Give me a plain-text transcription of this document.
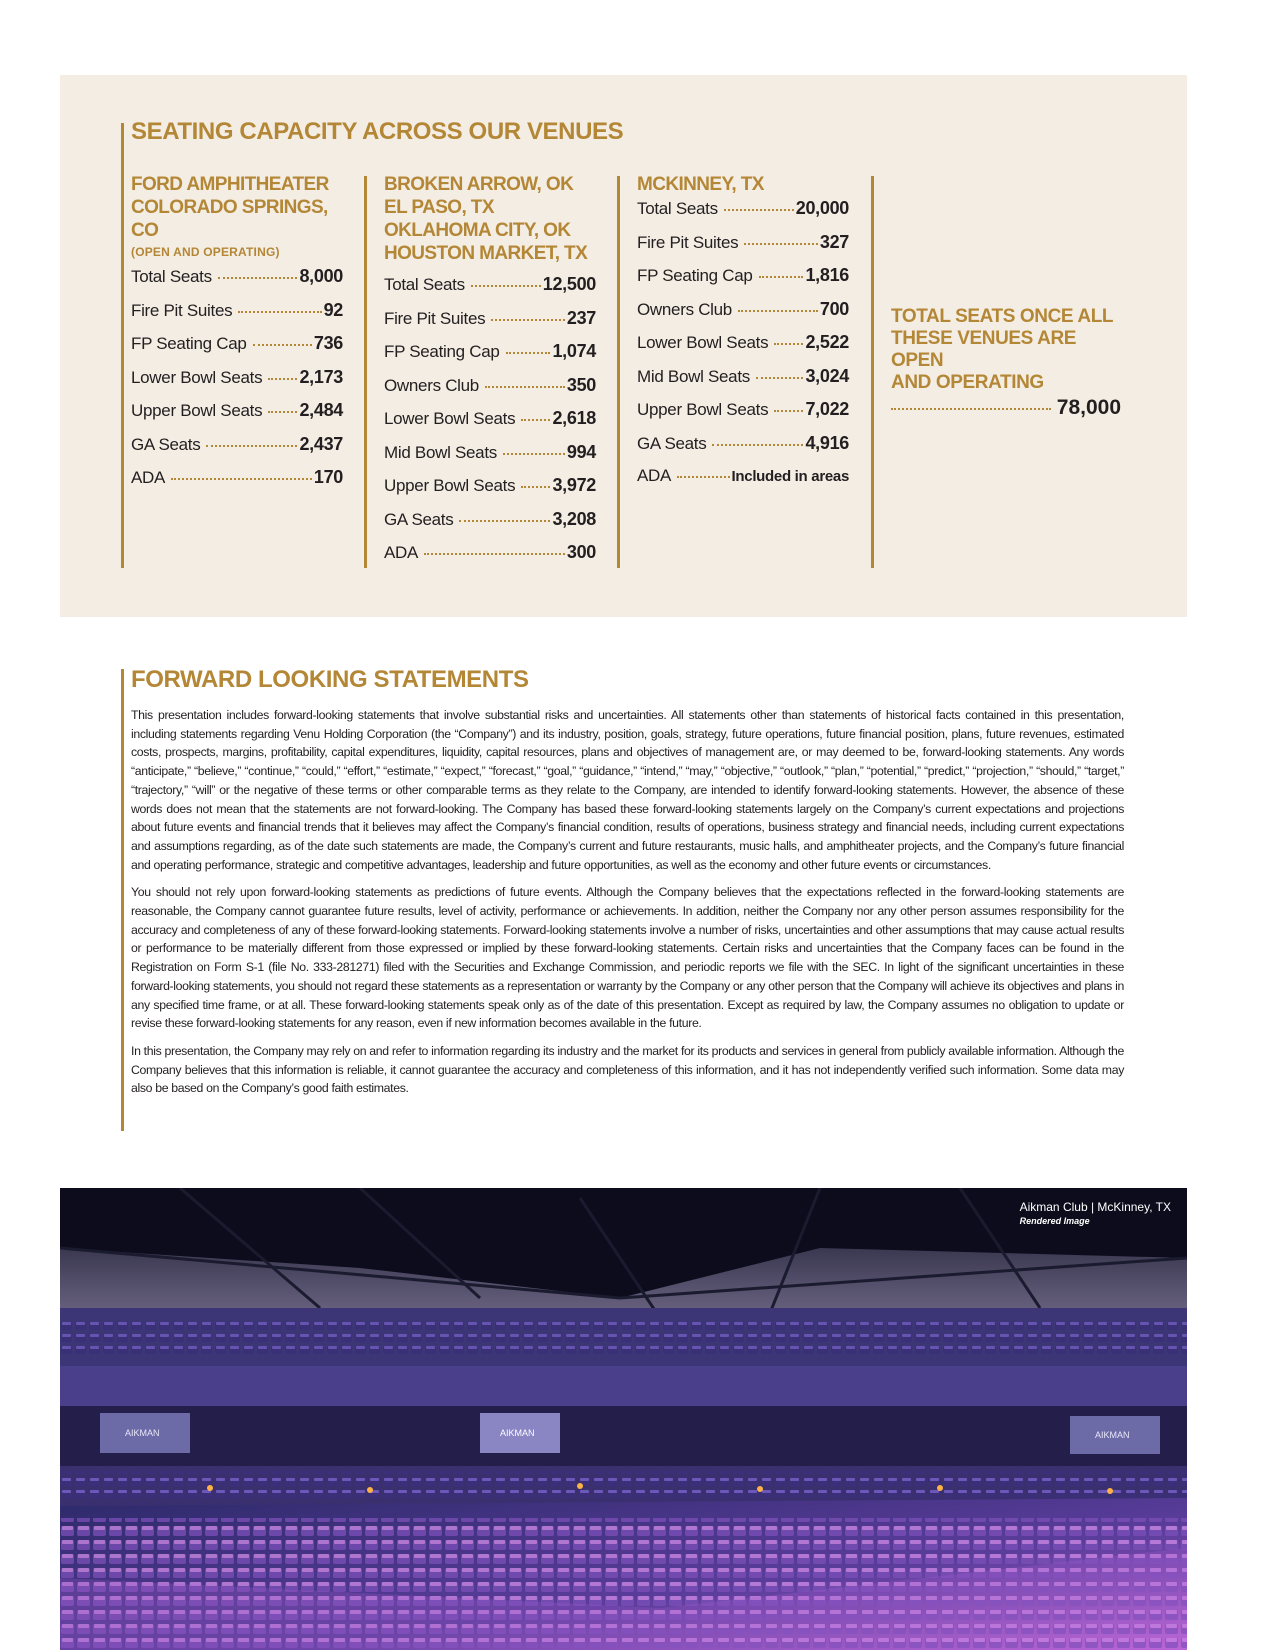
SEATING CAPACITY ACROSS OUR VENUES
FORD AMPHITHEATER
COLORADO SPRINGS, CO
(OPEN AND OPERATING)
Total Seats	8,000
Fire Pit Suites	92
FP Seating Cap	736
Lower Bowl Seats 2,173
Upper Bowl Seats 2,484
GA Seats	2,437
ADA	170
BROKEN ARROW, OK
EL PASO, TX
OKLAHOMA CITY, OK
HOUSTON MARKET, TX
Total Seats	12,500
Fire Pit Suites	237
FP Seating Cap	1,074
Owners Club	350
Lower Bowl Seats 2,618
Mid Bowl Seats	994
Upper Bowl Seats 3,972
GA Seats	3,208
ADA	300
MCKINNEY, TX
Total Seats	20,000
Fire Pit Suites	327
FP Seating Cap	1,816
Owners Club	700
Lower Bowl Seats 2,522
Mid Bowl Seats	3,024
Upper Bowl Seats 7,022
GA Seats	4,916
ADA	Included in areas
TOTAL SEATS ONCE ALL
THESE VENUES ARE OPEN
AND OPERATING
78,000
FORWARD LOOKING STATEMENTS

This presentation includes forward-looking statements that involve substantial risks and uncertainties. All statements other than statements of historical facts contained in this presentation, including statements regarding Venu Holding Corporation (the “Company”) and its industry, position, goals, strategy, future operations, future financial position, plans, future revenues, estimated costs, prospects, margins, profitability, capital expenditures, liquidity, capital resources, plans and objectives of management are, or may deemed to be, forward-looking statements. Any words “anticipate,” “believe,” “continue,” “could,” “effort,” “estimate,” “expect,” “forecast,” “goal,” “guidance,” “intend,” “may,” “objective,” “outlook,” “plan,” “potential,” “predict,” “projection,” “should,” “target,” “trajectory,” “will” or the negative of these terms or other comparable terms as they relate to the Company, are intended to identify forward-looking statements. However, the absence of these words does not mean that the statements are not forward-looking. The Company has based these forward-looking statements largely on the Company’s current expectations and projections about future events and financial trends that it believes may affect the Company’s financial condition, results of operations, business strategy and financial needs, including current expectations and assumptions regarding, as of the date such statements are made, the Company’s current and future restaurants, music halls, and amphitheater projects, and the Company’s future financial and operating performance, strategic and competitive advantages, leadership and future opportunities, as well as the economy and other future events or circumstances.

You should not rely upon forward-looking statements as predictions of future events. Although the Company believes that the expectations reflected in the forward-looking statements are reasonable, the Company cannot guarantee future results, level of activity, performance or achievements. In addition, neither the Company nor any other person assumes responsibility for the accuracy and completeness of any of these forward-looking statements. Forward-looking statements involve a number of risks, uncertainties and other assumptions that may cause actual results or performance to be materially different from those expressed or implied by these forward-looking statements. Certain risks and uncertainties that the Company faces can be found in the Registration on Form S-1 (file No. 333-281271) filed with the Securities and Exchange Commission, and periodic reports we file with the SEC. In light of the significant uncertainties in these forward-looking statements, you should not regard these statements as a representation or warranty by the Company or any other person that the Company will achieve its objectives and plans in any specified time frame, or at all. These forward-looking statements speak only as of the date of this presentation. Except as required by law, the Company assumes no obligation to update or revise these forward-looking statements for any reason, even if new information becomes available in the future.

In this presentation, the Company may rely on and refer to information regarding its industry and the market for its products and services in general from publicly available information. Although the Company believes that this information is reliable, it cannot guarantee the accuracy and completeness of this information, and it has not independently verified such information. Some data may also be based on the Company’s good faith estimates.

AIKMAN	AIKMAN	AIKMAN
Aikman Club | McKinney, TX
Rendered Image
